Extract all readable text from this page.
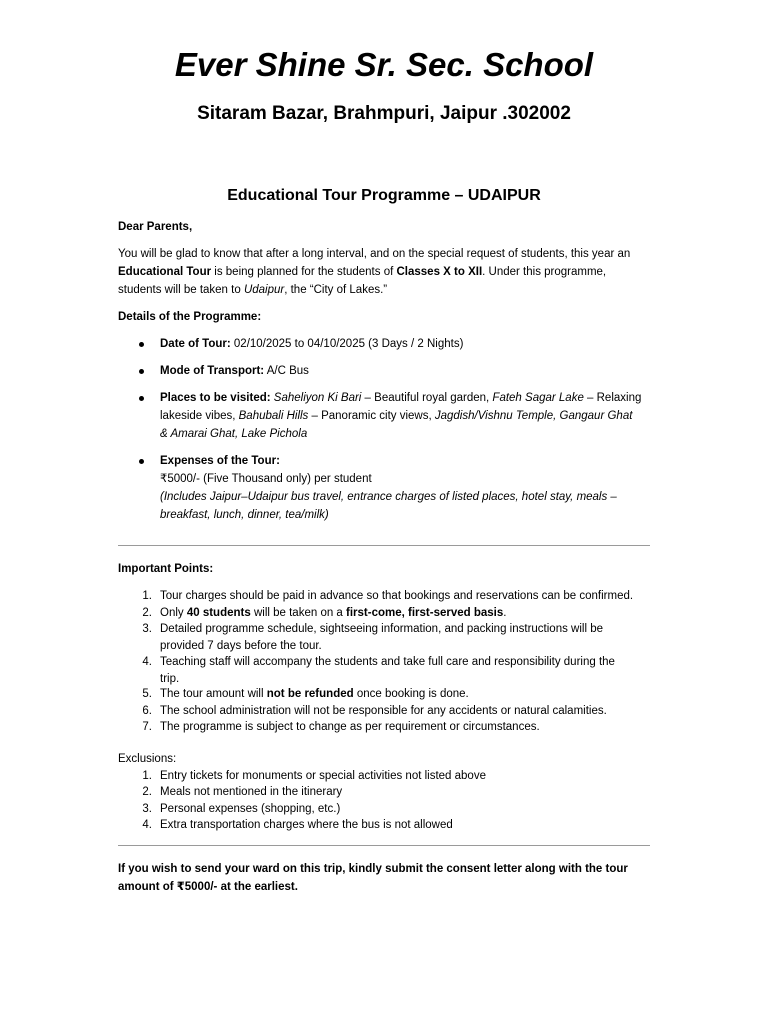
Ever Shine Sr. Sec. School
Sitaram Bazar, Brahmpuri, Jaipur .302002
Educational Tour Programme – UDAIPUR
Dear Parents,
You will be glad to know that after a long interval, and on the special request of students, this year an
Educational Tour is being planned for the students of Classes X to XII. Under this programme,
students will be taken to Udaipur, the “City of Lakes.”
Details of the Programme:
Date of Tour: 02/10/2025 to 04/10/2025 (3 Days / 2 Nights)
Mode of Transport: A/C Bus
Places to be visited: Saheliyon Ki Bari – Beautiful royal garden, Fateh Sagar Lake – Relaxing
lakeside vibes, Bahubali Hills – Panoramic city views, Jagdish/Vishnu Temple, Gangaur Ghat
& Amarai Ghat, Lake Pichola
Expenses of the Tour:
₹5000/- (Five Thousand only) per student
(Includes Jaipur–Udaipur bus travel, entrance charges of listed places, hotel stay, meals –
breakfast, lunch, dinner, tea/milk)
Important Points:
1. Tour charges should be paid in advance so that bookings and reservations can be confirmed.
2. Only 40 students will be taken on a first-come, first-served basis.
3. Detailed programme schedule, sightseeing information, and packing instructions will be
provided 7 days before the tour.
4. Teaching staff will accompany the students and take full care and responsibility during the
trip.
5. The tour amount will not be refunded once booking is done.
6. The school administration will not be responsible for any accidents or natural calamities.
7. The programme is subject to change as per requirement or circumstances.
Exclusions:
1. Entry tickets for monuments or special activities not listed above
2. Meals not mentioned in the itinerary
3. Personal expenses (shopping, etc.)
4. Extra transportation charges where the bus is not allowed
If you wish to send your ward on this trip, kindly submit the consent letter along with the tour
amount of ₹5000/- at the earliest.
